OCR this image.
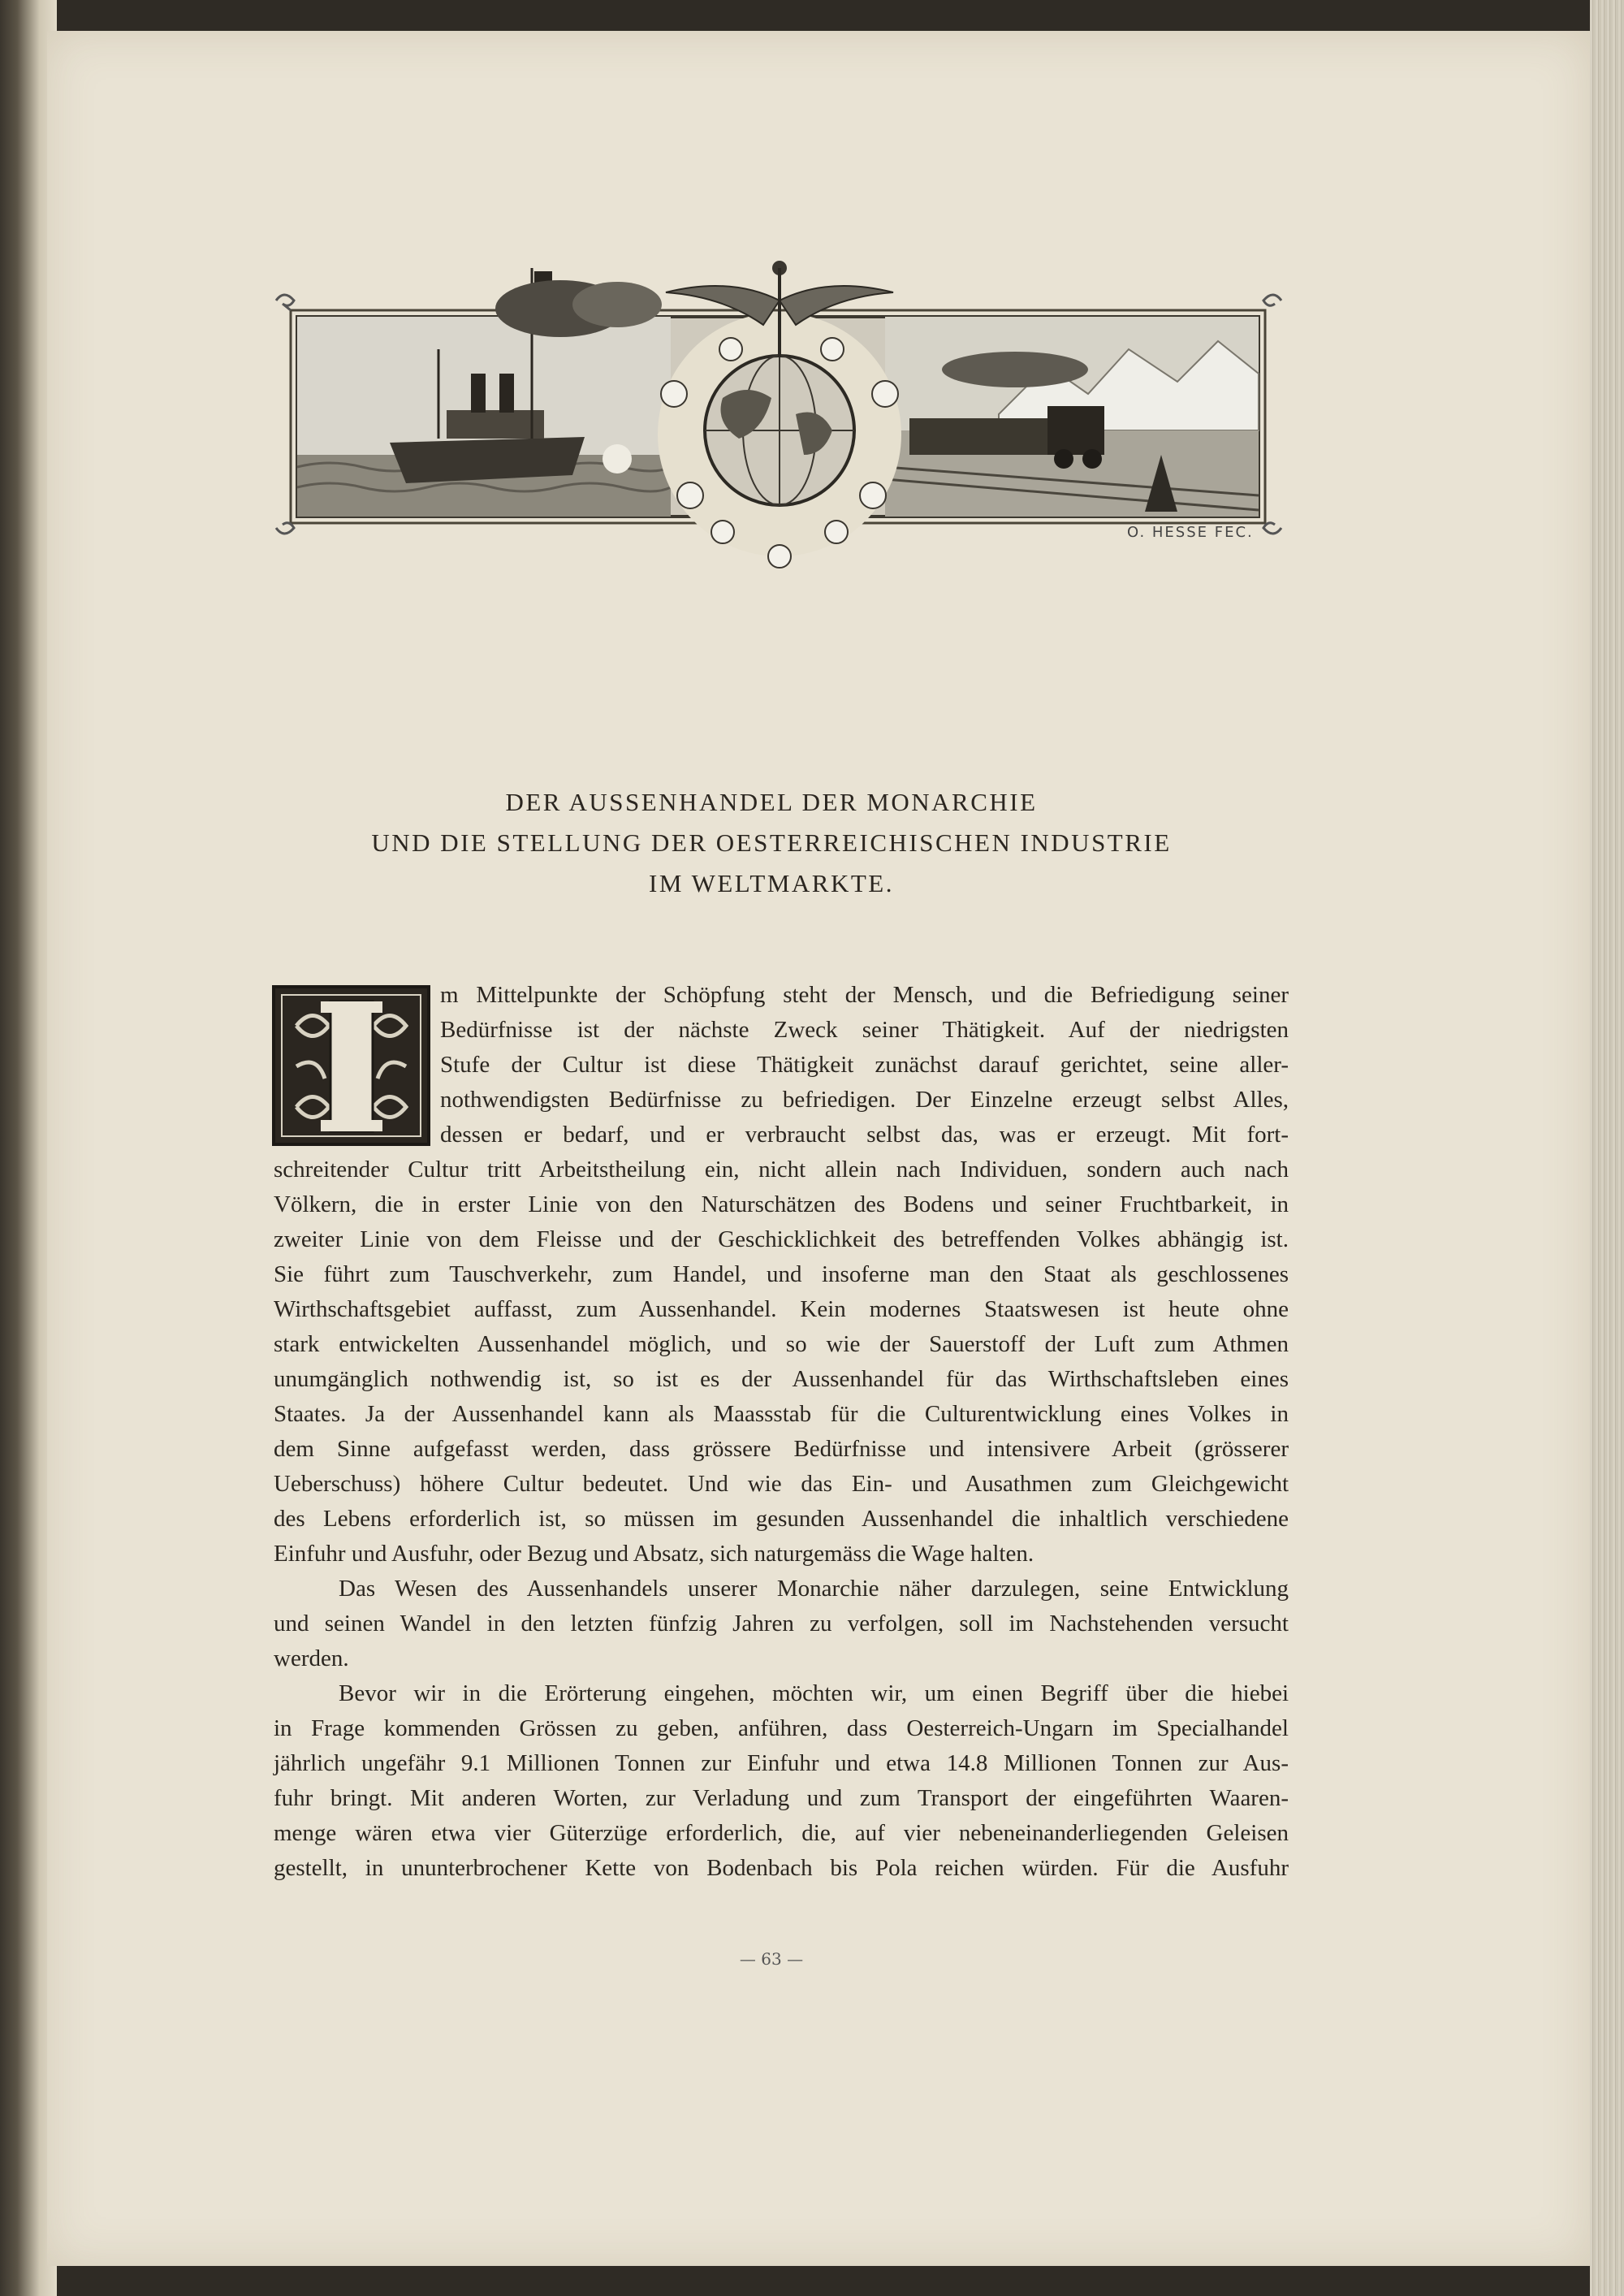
O. HESSE FEC.
DER AUSSENHANDEL DER MONARCHIE
UND DIE STELLUNG DER OESTERREICHISCHEN INDUSTRIE
IM WELTMARKTE.
m Mittelpunkte der Schöpfung steht der Mensch, und die Befriedigung seiner
Bedürfnisse ist der nächste Zweck seiner Thätigkeit. Auf der niedrigsten
Stufe der Cultur ist diese Thätigkeit zunächst darauf gerichtet, seine aller-
nothwendigsten Bedürfnisse zu befriedigen. Der Einzelne erzeugt selbst Alles,
dessen er bedarf, und er verbraucht selbst das, was er erzeugt. Mit fort-
schreitender Cultur tritt Arbeitstheilung ein, nicht allein nach Individuen, sondern auch nach
Völkern, die in erster Linie von den Naturschätzen des Bodens und seiner Fruchtbarkeit, in
zweiter Linie von dem Fleisse und der Geschicklichkeit des betreffenden Volkes abhängig ist.
Sie führt zum Tauschverkehr, zum Handel, und insoferne man den Staat als geschlossenes
Wirthschaftsgebiet auffasst, zum Aussenhandel. Kein modernes Staatswesen ist heute ohne
stark entwickelten Aussenhandel möglich, und so wie der Sauerstoff der Luft zum Athmen
unumgänglich nothwendig ist, so ist es der Aussenhandel für das Wirthschaftsleben eines
Staates. Ja der Aussenhandel kann als Maassstab für die Culturentwicklung eines Volkes in
dem Sinne aufgefasst werden, dass grössere Bedürfnisse und intensivere Arbeit (grösserer
Ueberschuss) höhere Cultur bedeutet. Und wie das Ein- und Ausathmen zum Gleichgewicht
des Lebens erforderlich ist, so müssen im gesunden Aussenhandel die inhaltlich verschiedene
Einfuhr und Ausfuhr, oder Bezug und Absatz, sich naturgemäss die Wage halten.
Das Wesen des Aussenhandels unserer Monarchie näher darzulegen, seine Entwicklung
und seinen Wandel in den letzten fünfzig Jahren zu verfolgen, soll im Nachstehenden versucht
werden.
Bevor wir in die Erörterung eingehen, möchten wir, um einen Begriff über die hiebei
in Frage kommenden Grössen zu geben, anführen, dass Oesterreich-Ungarn im Specialhandel
jährlich ungefähr 9.1 Millionen Tonnen zur Einfuhr und etwa 14.8 Millionen Tonnen zur Aus-
fuhr bringt. Mit anderen Worten, zur Verladung und zum Transport der eingeführten Waaren-
menge wären etwa vier Güterzüge erforderlich, die, auf vier nebeneinanderliegenden Geleisen
gestellt, in ununterbrochener Kette von Bodenbach bis Pola reichen würden. Für die Ausfuhr
— 63 —
